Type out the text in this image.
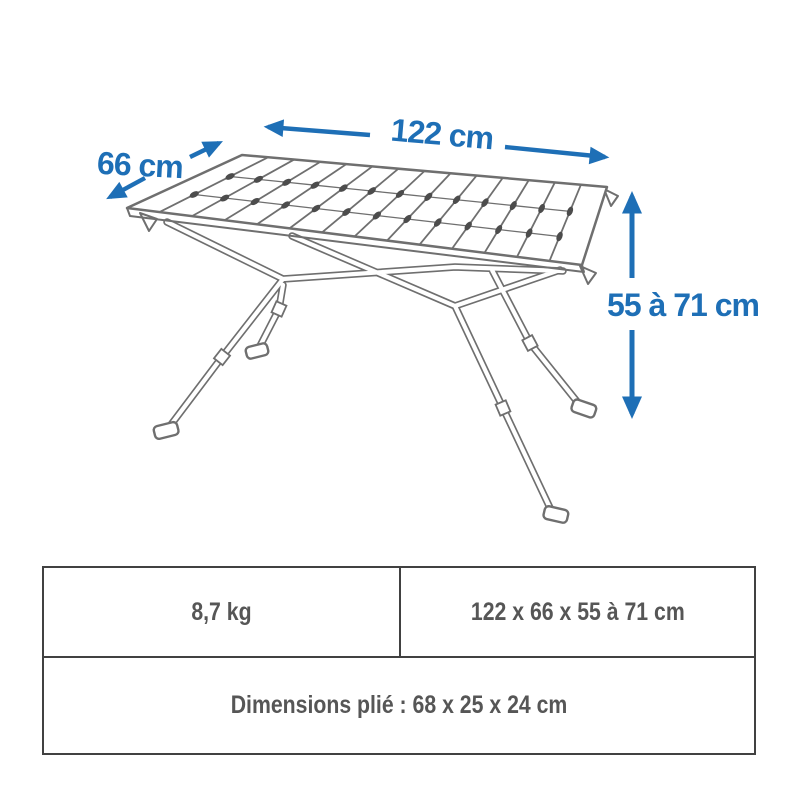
122 cm
66 cm
55 à 71 cm
8,7 kg	122 x 66 x 55 à 71 cm
Dimensions plié : 68 x 25 x 24 cm
